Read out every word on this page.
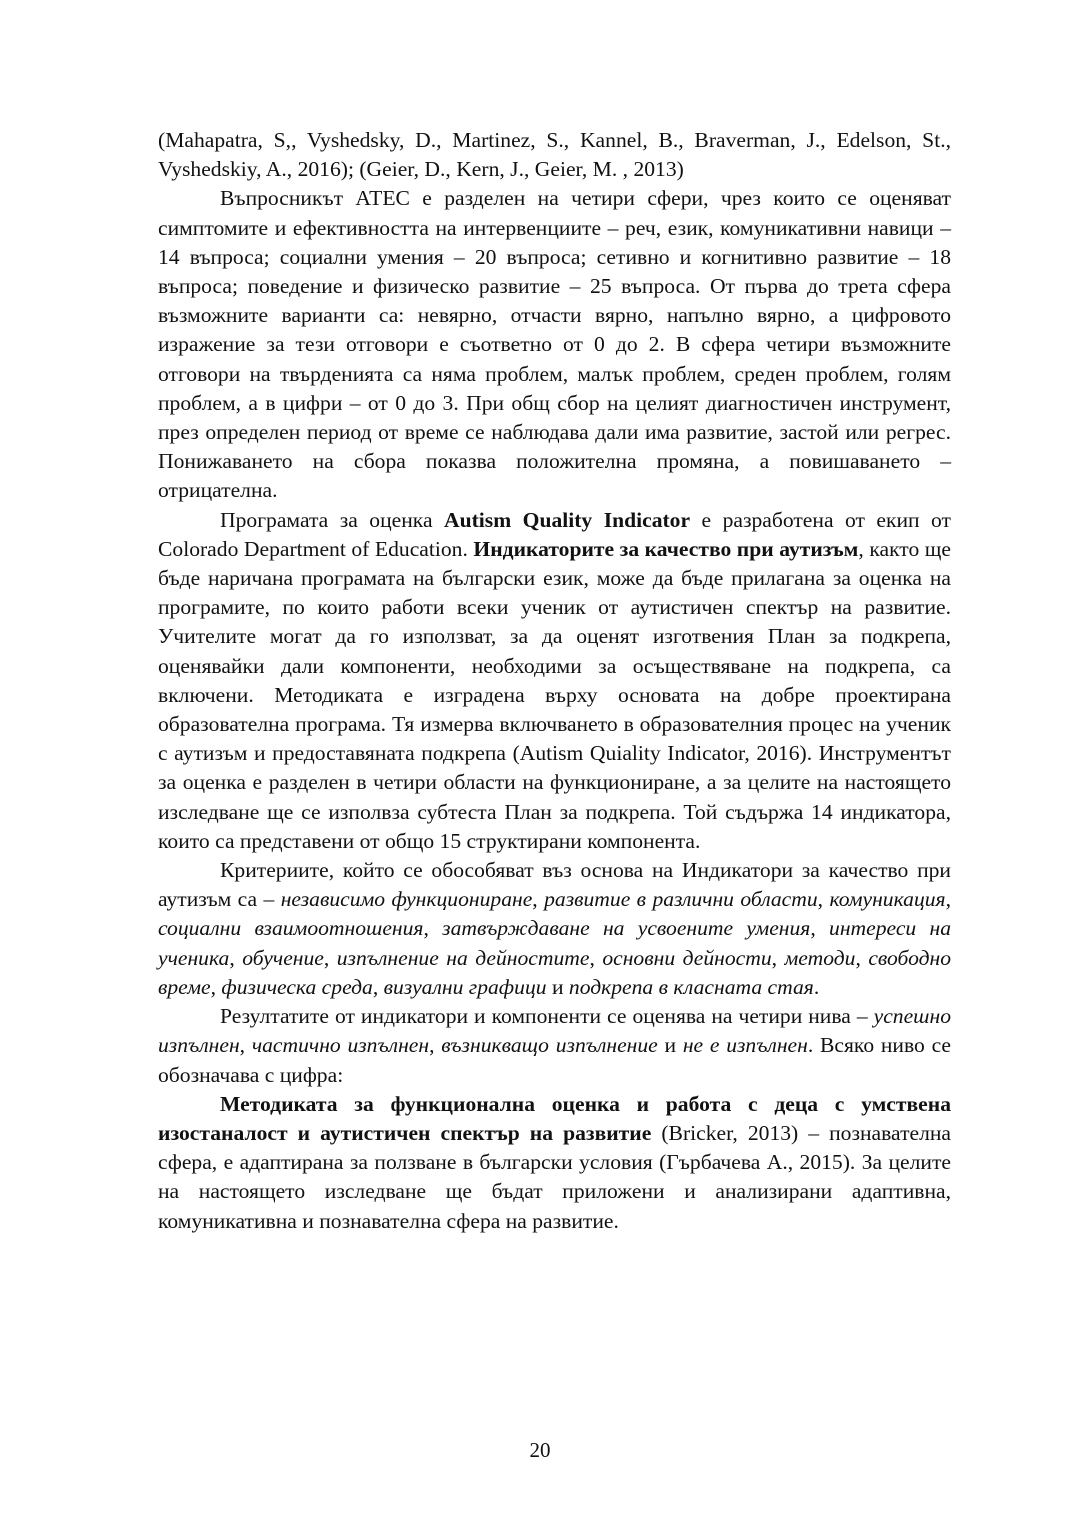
(Mahapatra, S,, Vyshedsky, D., Martinez, S., Kannel, B., Braverman, J., Edelson, St., Vyshedskiy, A., 2016); (Geier, D., Kern, J., Geier, M. , 2013)

Въпросникът АТЕС е разделен на четири сфери, чрез които се оценяват симптомите и ефективността на интервенциите – реч, език, комуникативни навици – 14 въпроса; социални умения – 20 въпроса; сетивно и когнитивно развитие – 18 въпроса; поведение и физическо развитие – 25 въпроса. От първа до трета сфера възможните варианти са: невярно, отчасти вярно, напълно вярно, а цифровото изражение за тези отговори е съответно от 0 до 2. В сфера четири възможните отговори на твърденията са няма проблем, малък проблем, среден проблем, голям проблем, а в цифри – от 0 до 3. При общ сбор на целият диагностичен инструмент, през определен период от време се наблюдава дали има развитие, застой или регрес. Понижаването на сбора показва положителна промяна, а повишаването – отрицателна.

Програмата за оценка Autism Quality Indicator е разработена от екип от Colorado Department of Education. Индикаторите за качество при аутизъм, както ще бъде наричана програмата на български език, може да бъде прилагана за оценка на програмите, по които работи всеки ученик от аутистичен спектър на развитие. Учителите могат да го използват, за да оценят изготвения План за подкрепа, оценявайки дали компоненти, необходими за осъществяване на подкрепа, са включени. Методиката е изградена върху основата на добре проектирана образователна програма. Тя измерва включването в образователния процес на ученик с аутизъм и предоставяната подкрепа (Autism Quiality Indicator, 2016). Инструментът за оценка е разделен в четири области на функциониране, а за целите на настоящето изследване ще се изполвза субтеста План за подкрепа. Той съдържа 14 индикатора, които са представени от общо 15 структирани компонента.

Критериите, който се обособяват въз основа на Индикатори за качество при аутизъм са – независимо функциониране, развитие в различни области, комуникация, социални взаимоотношения, затвърждаване на усвоените умения, интереси на ученика, обучение, изпълнение на дейностите, основни дейности, методи, свободно време, физическа среда, визуални графици и подкрепа в класната стая.

Резултатите от индикатори и компоненти се оценява на четири нива – успешно изпълнен, частично изпълнен, възникващо изпълнение и не е изпълнен. Всяко ниво се обозначава с цифра:

Методиката за функционална оценка и работа с деца с умствена изостаналост и аутистичен спектър на развитие (Bricker, 2013) – познавателна сфера, е адаптирана за ползване в български условия (Гърбачева А., 2015). За целите на настоящето изследване ще бъдат приложени и анализирани адаптивна, комуникативна и познавателна сфера на развитие.

20
